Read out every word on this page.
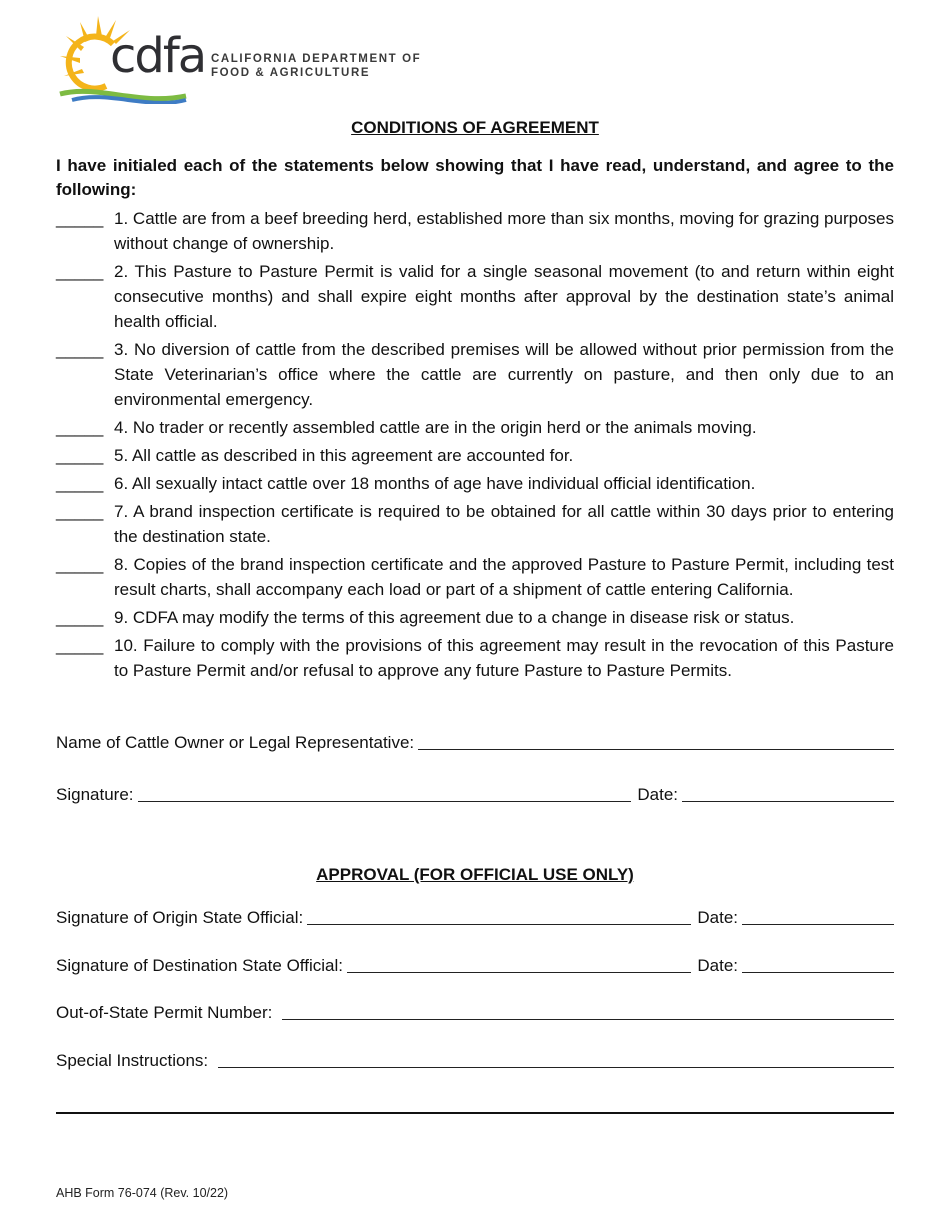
cdfa CALIFORNIA DEPARTMENT OF
FOOD & AGRICULTURE
CONDITIONS OF AGREEMENT
I have initialed each of the statements below showing that I have read, understand, and agree to the following:
_____ 1. Cattle are from a beef breeding herd, established more than six months, moving for grazing purposes without change of ownership.
_____ 2. This Pasture to Pasture Permit is valid for a single seasonal movement (to and return within eight consecutive months) and shall expire eight months after approval by the destination state’s animal health official.
_____ 3. No diversion of cattle from the described premises will be allowed without prior permission from the State Veterinarian’s office where the cattle are currently on pasture, and then only due to an environmental emergency.
_____ 4. No trader or recently assembled cattle are in the origin herd or the animals moving.
_____ 5. All cattle as described in this agreement are accounted for.
_____ 6. All sexually intact cattle over 18 months of age have individual official identification.
_____ 7. A brand inspection certificate is required to be obtained for all cattle within 30 days prior to entering the destination state.
_____ 8. Copies of the brand inspection certificate and the approved Pasture to Pasture Permit, including test result charts, shall accompany each load or part of a shipment of cattle entering California.
_____ 9. CDFA may modify the terms of this agreement due to a change in disease risk or status.
_____ 10. Failure to comply with the provisions of this agreement may result in the revocation of this Pasture to Pasture Permit and/or refusal to approve any future Pasture to Pasture Permits.
Name of Cattle Owner or Legal Representative:
Signature:	Date:
APPROVAL (FOR OFFICIAL USE ONLY)
Signature of Origin State Official:	Date:
Signature of Destination State Official:	Date:
Out-of-State Permit Number:
Special Instructions:
AHB Form 76-074 (Rev. 10/22)
